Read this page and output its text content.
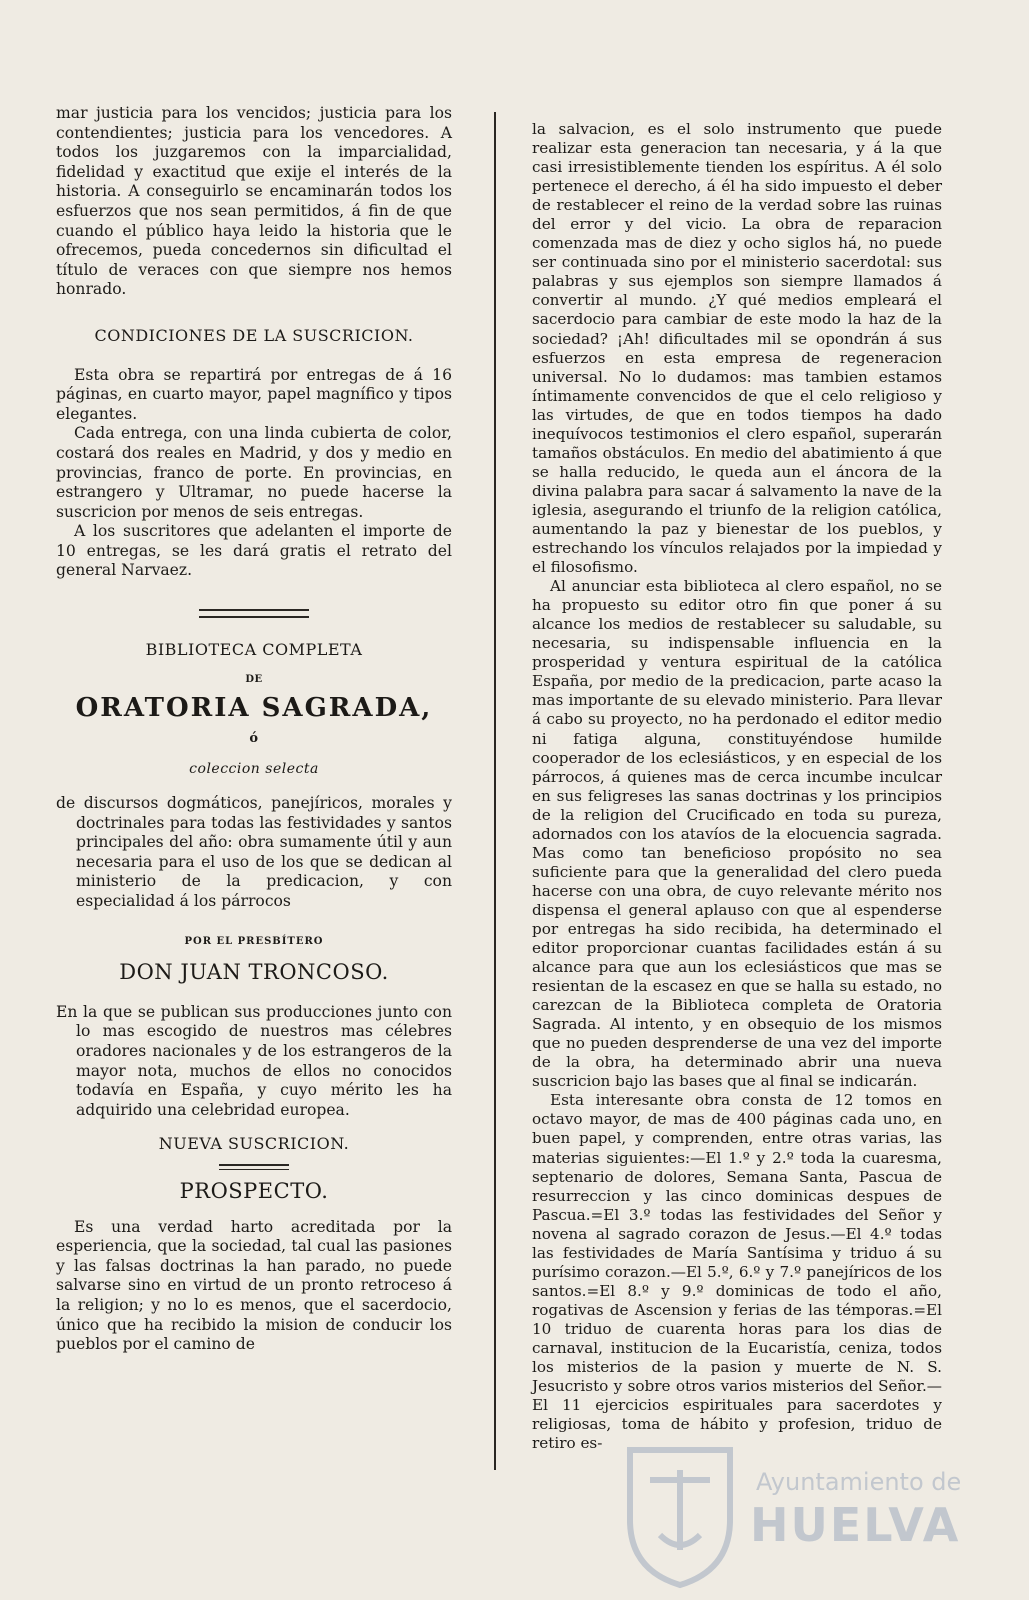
mar justicia para los vencidos; justicia para los contendientes; justicia para los vencedores. A todos los juzgaremos con la imparcialidad, fidelidad y exactitud que exije el interés de la historia. A conseguirlo se encaminarán todos los esfuerzos que nos sean permitidos, á fin de que cuando el público haya leido la historia que le ofrecemos, pueda concedernos sin dificultad el título de veraces con que siempre nos hemos honrado.

CONDICIONES DE LA SUSCRICION.

Esta obra se repartirá por entregas de á 16 páginas, en cuarto mayor, papel magnífico y tipos elegantes.

Cada entrega, con una linda cubierta de color, costará dos reales en Madrid, y dos y medio en provincias, franco de porte. En provincias, en estrangero y Ultramar, no puede hacerse la suscricion por menos de seis entregas.

A los suscritores que adelanten el importe de 10 entregas, se les dará gratis el retrato del general Narvaez.

BIBLIOTECA COMPLETA
DE
ORATORIA SAGRADA,
ó
coleccion selecta

de discursos dogmáticos, panejíricos, morales y doctrinales para todas las festividades y santos principales del año: obra sumamente útil y aun necesaria para el uso de los que se dedican al ministerio de la predicacion, y con especialidad á los párrocos

POR EL PRESBÍTERO
DON JUAN TRONCOSO.

En la que se publican sus producciones junto con lo mas escogido de nuestros mas célebres oradores nacionales y de los estrangeros de la mayor nota, muchos de ellos no conocidos todavía en España, y cuyo mérito les ha adquirido una celebridad europea.

NUEVA SUSCRICION.
PROSPECTO.

Es una verdad harto acreditada por la esperiencia, que la sociedad, tal cual las pasiones y las falsas doctrinas la han parado, no puede salvarse sino en virtud de un pronto retroceso á la religion; y no lo es menos, que el sacerdocio, único que ha recibido la mision de conducir los pueblos por el camino de

la salvacion, es el solo instrumento que puede realizar esta generacion tan necesaria, y á la que casi irresistiblemente tienden los espíritus. A él solo pertenece el derecho, á él ha sido impuesto el deber de restablecer el reino de la verdad sobre las ruinas del error y del vicio. La obra de reparacion comenzada mas de diez y ocho siglos há, no puede ser continuada sino por el ministerio sacerdotal: sus palabras y sus ejemplos son siempre llamados á convertir al mundo. ¿Y qué medios empleará el sacerdocio para cambiar de este modo la haz de la sociedad? ¡Ah! dificultades mil se opondrán á sus esfuerzos en esta empresa de regeneracion universal. No lo dudamos: mas tambien estamos íntimamente convencidos de que el celo religioso y las virtudes, de que en todos tiempos ha dado inequívocos testimonios el clero español, superarán tamaños obstáculos. En medio del abatimiento á que se halla reducido, le queda aun el áncora de la divina palabra para sacar á salvamento la nave de la iglesia, asegurando el triunfo de la religion católica, aumentando la paz y bienestar de los pueblos, y estrechando los vínculos relajados por la impiedad y el filosofismo.

Al anunciar esta biblioteca al clero español, no se ha propuesto su editor otro fin que poner á su alcance los medios de restablecer su saludable, su necesaria, su indispensable influencia en la prosperidad y ventura espiritual de la católica España, por medio de la predicacion, parte acaso la mas importante de su elevado ministerio. Para llevar á cabo su proyecto, no ha perdonado el editor medio ni fatiga alguna, constituyéndose humilde cooperador de los eclesiásticos, y en especial de los párrocos, á quienes mas de cerca incumbe inculcar en sus feligreses las sanas doctrinas y los principios de la religion del Crucificado en toda su pureza, adornados con los atavíos de la elocuencia sagrada. Mas como tan beneficioso propósito no sea suficiente para que la generalidad del clero pueda hacerse con una obra, de cuyo relevante mérito nos dispensa el general aplauso con que al espenderse por entregas ha sido recibida, ha determinado el editor proporcionar cuantas facilidades están á su alcance para que aun los eclesiásticos que mas se resientan de la escasez en que se halla su estado, no carezcan de la Biblioteca completa de Oratoria Sagrada. Al intento, y en obsequio de los mismos que no pueden desprenderse de una vez del importe de la obra, ha determinado abrir una nueva suscricion bajo las bases que al final se indicarán.

Esta interesante obra consta de 12 tomos en octavo mayor, de mas de 400 páginas cada uno, en buen papel, y comprenden, entre otras varias, las materias siguientes:—El 1.º y 2.º toda la cuaresma, septenario de dolores, Semana Santa, Pascua de resurreccion y las cinco dominicas despues de Pascua.=El 3.º todas las festividades del Señor y novena al sagrado corazon de Jesus.—El 4.º todas las festividades de María Santísima y triduo á su purísimo corazon.—El 5.º, 6.º y 7.º panejíricos de los santos.=El 8.º y 9.º dominicas de todo el año, rogativas de Ascension y ferias de las témporas.=El 10 triduo de cuarenta horas para los dias de carnaval, institucion de la Eucaristía, ceniza, todos los misterios de la pasion y muerte de N. S. Jesucristo y sobre otros varios misterios del Señor.—El 11 ejercicios espirituales para sacerdotes y religiosas, toma de hábito y profesion, triduo de retiro es-

Ayuntamiento de
HUELVA
